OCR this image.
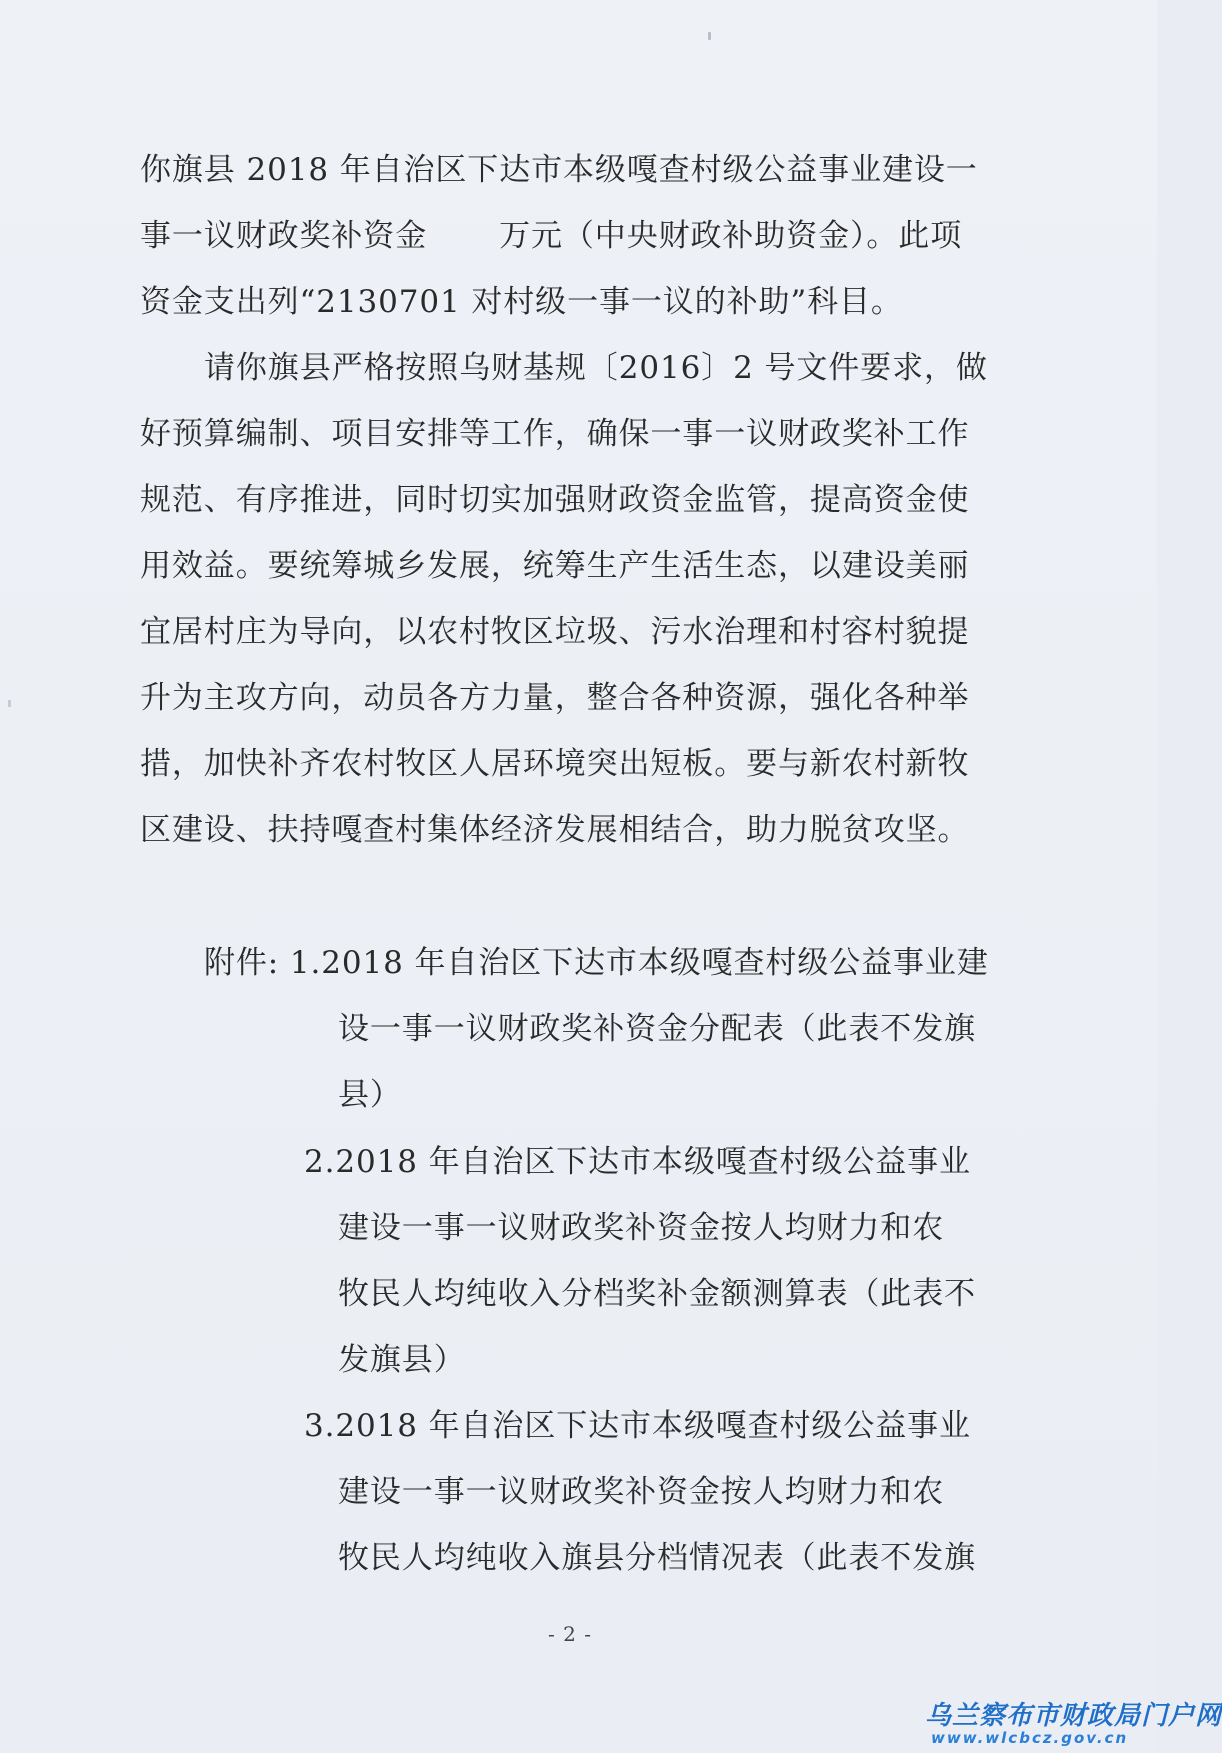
你旗县 2018 年自治区下达市本级嘎查村级公益事业建设一
事一议财政奖补资金 万元（中央财政补助资金）。此项
资金支出列“2130701 对村级一事一议的补助”科目。
请你旗县严格按照乌财基规〔2016〕2 号文件要求，做
好预算编制、项目安排等工作，确保一事一议财政奖补工作
规范、有序推进，同时切实加强财政资金监管，提高资金使
用效益。要统筹城乡发展，统筹生产生活生态，以建设美丽
宜居村庄为导向，以农村牧区垃圾、污水治理和村容村貌提
升为主攻方向，动员各方力量，整合各种资源，强化各种举
措，加快补齐农村牧区人居环境突出短板。要与新农村新牧
区建设、扶持嘎查村集体经济发展相结合，助力脱贫攻坚。
附件: 1.2018 年自治区下达市本级嘎查村级公益事业建
设一事一议财政奖补资金分配表（此表不发旗
县）
2.2018 年自治区下达市本级嘎查村级公益事业
建设一事一议财政奖补资金按人均财力和农
牧民人均纯收入分档奖补金额测算表（此表不
发旗县）
3.2018 年自治区下达市本级嘎查村级公益事业
建设一事一议财政奖补资金按人均财力和农
牧民人均纯收入旗县分档情况表（此表不发旗
- 2 -
乌兰察布市财政局门户网
www.wlcbcz.gov.cn
